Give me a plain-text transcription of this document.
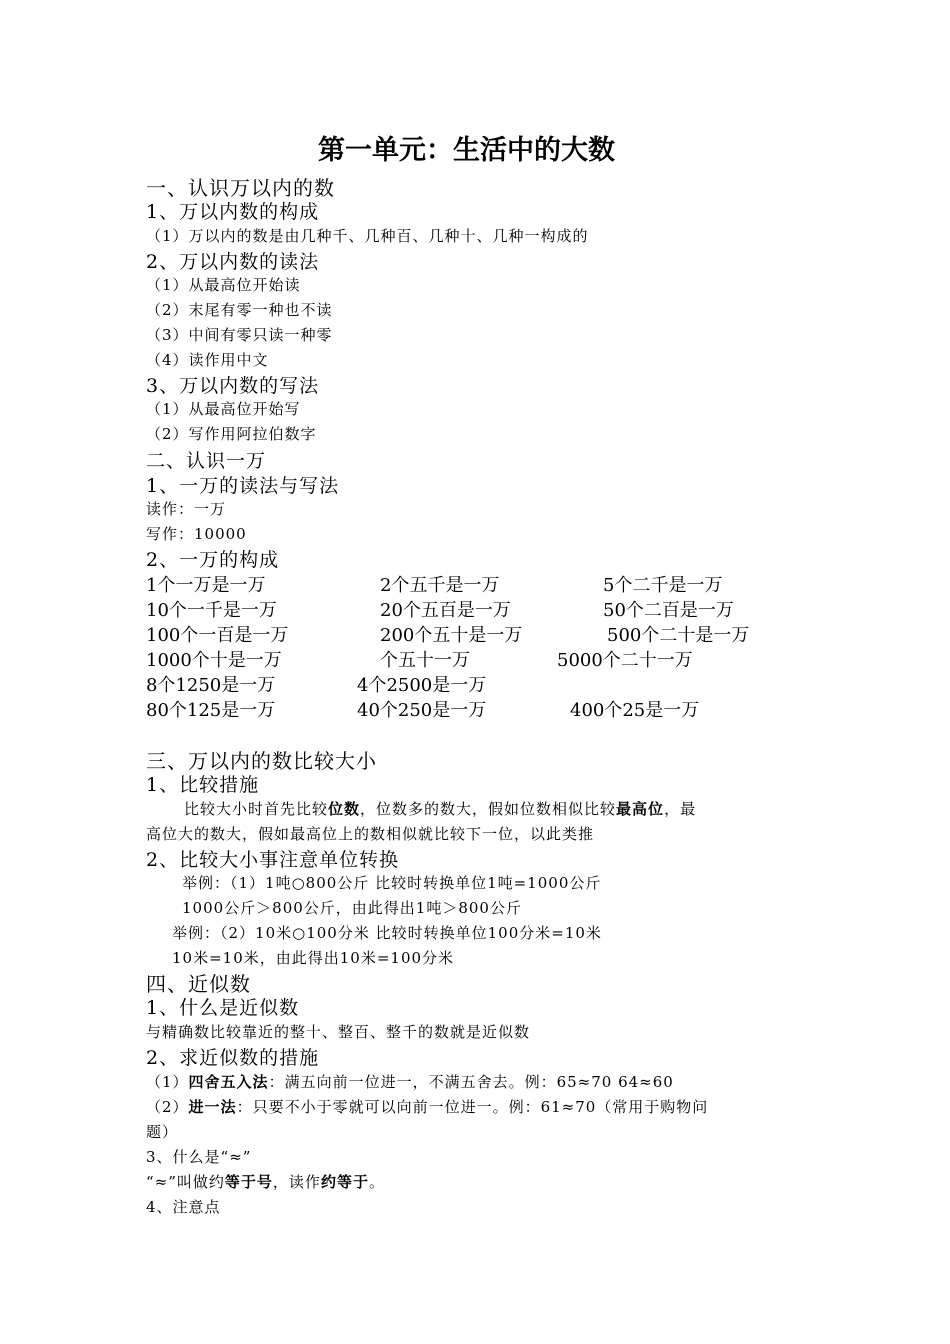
第一单元：生活中的大数
一、认识万以内的数
1、万以内数的构成
（1）万以内的数是由几种千、几种百、几种十、几种一构成的
2、万以内数的读法
（1）从最高位开始读
（2）末尾有零一种也不读
（3）中间有零只读一种零
（4）读作用中文
3、万以内数的写法
（1）从最高位开始写
（2）写作用阿拉伯数字
二、认识一万
1、一万的读法与写法
读作：一万
写作：10000
2、一万的构成
1个一万是一万	2个五千是一万	5个二千是一万
10个一千是一万	20个五百是一万	50个二百是一万
100个一百是一万	200个五十是一万	500个二十是一万
1000个十是一万	个五十一万	5000个二十一万
8个1250是一万	4个2500是一万
80个125是一万	40个250是一万	400个25是一万
三、万以内的数比较大小
1、比较措施
比较大小时首先比较位数，位数多的数大，假如位数相似比较最高位，最
高位大的数大，假如最高位上的数相似就比较下一位，以此类推
2、比较大小事注意单位转换
举例：（1）1吨○800公斤 比较时转换单位1吨=1000公斤
1000公斤＞800公斤，由此得出1吨＞800公斤
举例：（2）10米○100分米 比较时转换单位100分米=10米
10米=10米，由此得出10米=100分米
四、近似数
1、什么是近似数
与精确数比较靠近的整十、整百、整千的数就是近似数
2、求近似数的措施
（1）四舍五入法：满五向前一位进一，不满五舍去。例：65≈70 64≈60
（2）进一法：只要不小于零就可以向前一位进一。例：61≈70（常用于购物问
题）
3、什么是“≈”
“≈”叫做约等于号，读作约等于。
4、注意点
